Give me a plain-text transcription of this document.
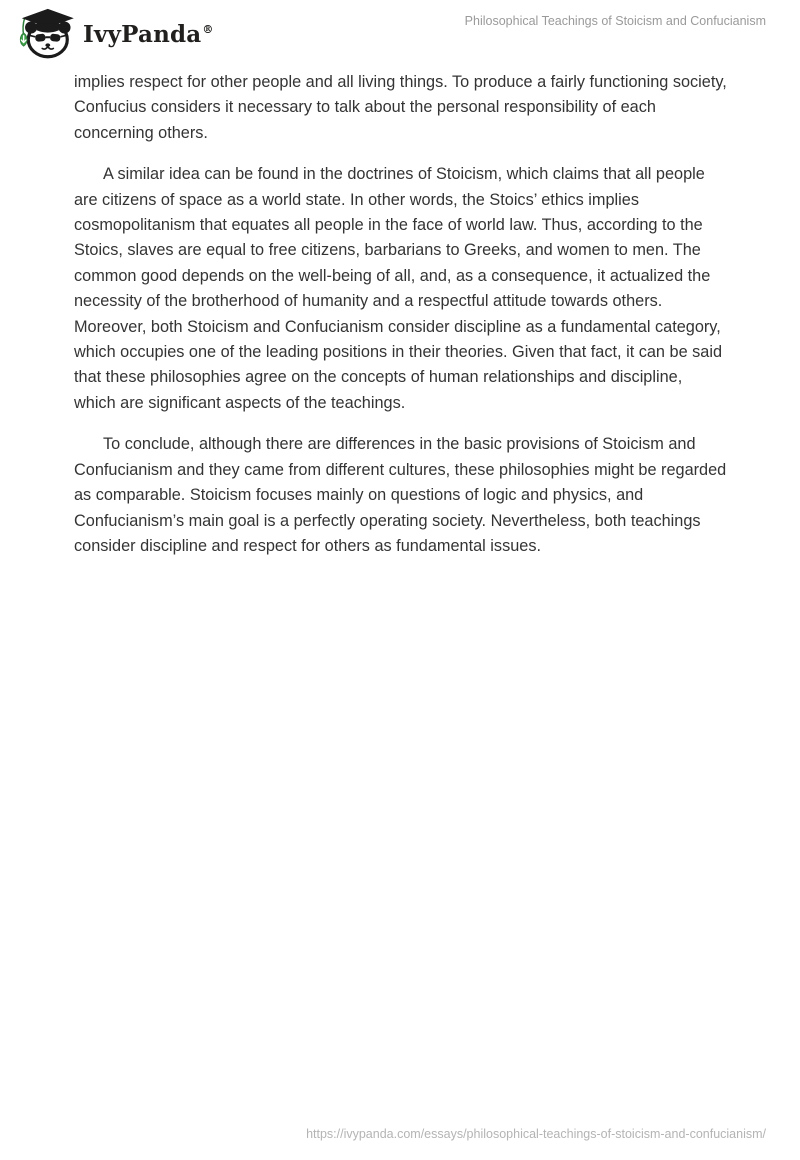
IvyPanda®
Philosophical Teachings of Stoicism and Confucianism

implies respect for other people and all living things. To produce a fairly functioning society, Confucius considers it necessary to talk about the personal responsibility of each concerning others.

A similar idea can be found in the doctrines of Stoicism, which claims that all people are citizens of space as a world state. In other words, the Stoics’ ethics implies cosmopolitanism that equates all people in the face of world law. Thus, according to the Stoics, slaves are equal to free citizens, barbarians to Greeks, and women to men. The common good depends on the well-being of all, and, as a consequence, it actualized the necessity of the brotherhood of humanity and a respectful attitude towards others. Moreover, both Stoicism and Confucianism consider discipline as a fundamental category, which occupies one of the leading positions in their theories. Given that fact, it can be said that these philosophies agree on the concepts of human relationships and discipline, which are significant aspects of the teachings.

To conclude, although there are differences in the basic provisions of Stoicism and Confucianism and they came from different cultures, these philosophies might be regarded as comparable. Stoicism focuses mainly on questions of logic and physics, and Confucianism’s main goal is a perfectly operating society. Nevertheless, both teachings consider discipline and respect for others as fundamental issues.

https://ivypanda.com/essays/philosophical-teachings-of-stoicism-and-confucianism/
